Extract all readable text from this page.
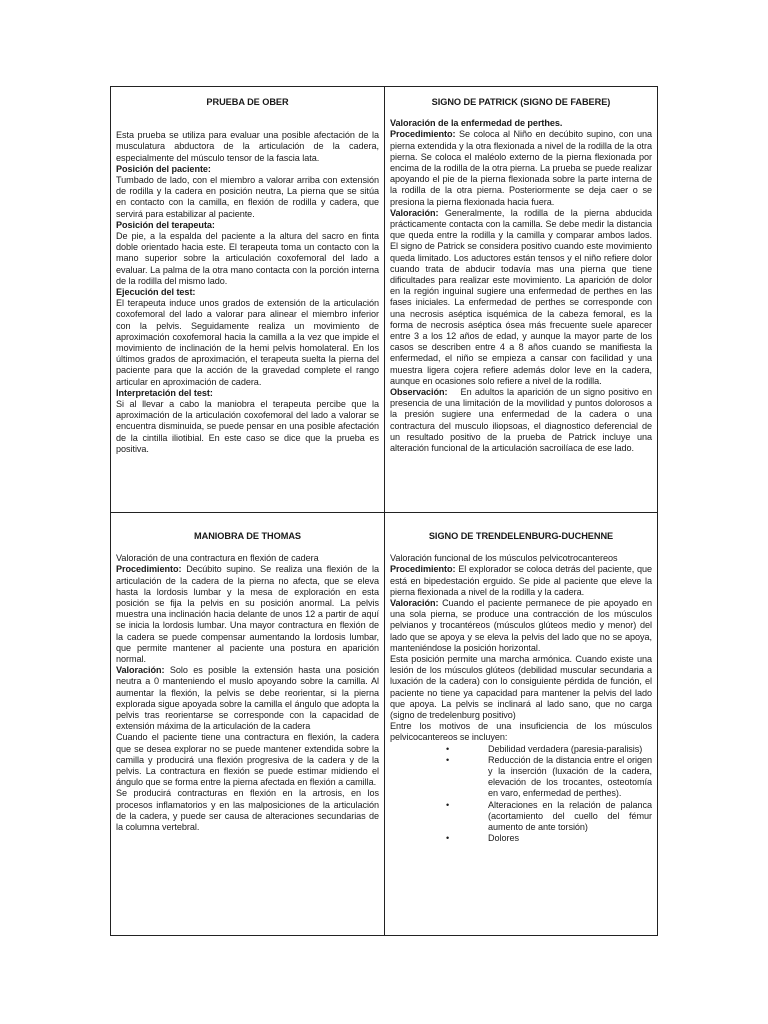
PRUEBA DE OBER

Esta prueba se utiliza para evaluar una posible afectación de la musculatura abductora de la articulación de la cadera, especialmente del músculo tensor de la fascia lata.

Posición del paciente:

Tumbado de lado, con el miembro a valorar arriba con extensión de rodilla y la cadera en posición neutra, La pierna que se sitúa en contacto con la camilla, en flexión de rodilla y cadera, que servirá para estabilizar al paciente.

Posición del terapeuta:

De pie, a la espalda del paciente a la altura del sacro en finta doble orientado hacia este. El terapeuta toma un contacto con la mano superior sobre la articulación coxofemoral del lado a evaluar. La palma de la otra mano contacta con la porción interna de la rodilla del mismo lado.

Ejecución del test:

El terapeuta induce unos grados de extensión de la articulación coxofemoral del lado a valorar para alinear el miembro inferior con la pelvis. Seguidamente realiza un movimiento de aproximación coxofemoral hacia la camilla a la vez que impide el movimiento de inclinación de la hemi pelvis homolateral. En los últimos grados de aproximación, el terapeuta suelta la pierna del paciente para que la acción de la gravedad complete el rango articular en aproximación de cadera.

Interpretación del test:

Si al llevar a cabo la maniobra el terapeuta percibe que la aproximación de la articulación coxofemoral del lado a valorar se encuentra disminuida, se puede pensar en una posible afectación de la cintilla iliotibial. En este caso se dice que la prueba es positiva.

SIGNO DE PATRICK (SIGNO DE FABERE)

Valoración de la enfermedad de perthes.

Procedimiento: Se coloca al Niño en decúbito supino, con una pierna extendida y la otra flexionada a nivel de la rodilla de la otra pierna. Se coloca el maléolo externo de la pierna flexionada por encima de la rodilla de la otra pierna. La prueba se puede realizar apoyando el pie de la pierna flexionada sobre la parte interna de la rodilla de la otra pierna. Posteriormente se deja caer o se presiona la pierna flexionada hacia fuera.

Valoración: Generalmente, la rodilla de la pierna abducida prácticamente contacta con la camilla. Se debe medir la distancia que queda entre la rodilla y la camilla y comparar ambos lados. El signo de Patrick se considera positivo cuando este movimiento queda limitado. Los aductores están tensos y el niño refiere dolor cuando trata de abducir todavía mas una pierna que tiene dificultades para realizar este movimiento. La aparición de dolor en la región inguinal sugiere una enfermedad de perthes en las fases iniciales. La enfermedad de perthes se corresponde con una necrosis aséptica isquémica de la cabeza femoral, es la forma de necrosis aséptica ósea más frecuente suele aparecer entre 3 a los 12 años de edad, y aunque la mayor parte de los casos se describen entre 4 a 8 años cuando se manifiesta la enfermedad, el niño se empieza a cansar con facilidad y una muestra ligera cojera refiere además dolor leve en la cadera, aunque en ocasiones solo refiere a nivel de la rodilla.

Observación:    En adultos la aparición de un signo positivo en presencia de una limitación de la movilidad y puntos dolorosos a la presión sugiere una enfermedad de la cadera o una contractura del musculo iliopsoas, el diagnostico deferencial de un resultado positivo de la prueba de Patrick incluye una alteración funcional de la articulación sacroilíaca de ese lado.

MANIOBRA DE THOMAS

Valoración de una contractura en flexión de cadera

Procedimiento: Decúbito supino. Se realiza una flexión de la articulación de la cadera de la pierna no afecta, que se eleva hasta la lordosis lumbar y la mesa de exploración en esta posición se fija la pelvis en su posición anormal. La pelvis muestra una inclinación hacia delante de unos 12 a partir de aquí se inicia la lordosis lumbar. Una mayor contractura en flexión de la cadera se puede compensar aumentando la lordosis lumbar, que permite mantener al paciente una postura en aparición normal.

Valoración: Solo es posible la extensión hasta una posición neutra a 0 manteniendo el muslo apoyando sobre la camilla. Al aumentar la flexión, la pelvis se debe reorientar, si la pierna explorada sigue apoyada sobre la camilla el ángulo que adopta la pelvis tras reorientarse se corresponde con la capacidad de extensión máxima de la articulación de la cadera

Cuando el paciente tiene una contractura en flexión, la cadera que se desea explorar no se puede mantener extendida sobre la camilla y producirá una flexión progresiva de la cadera y de la pelvis. La contractura en flexión se puede estimar midiendo el ángulo que se forma entre la pierna afectada en flexión a camilla.

Se producirá contracturas en flexión en la artrosis, en los procesos inflamatorios y en las malposiciones de la articulación de la cadera, y puede ser causa de alteraciones secundarias de la columna vertebral.

SIGNO DE TRENDELENBURG-DUCHENNE

Valoración funcional de los músculos pelvicotrocantereos

Procedimiento: El explorador se coloca detrás del paciente, que está en bipedestación erguido. Se pide al paciente que eleve la pierna flexionada a nivel de la rodilla y la cadera.

Valoración: Cuando el paciente permanece de pie apoyado en una sola pierna, se produce una contracción de los músculos pelvianos y trocantéreos (músculos glúteos medio y menor) del lado que se apoya y se eleva la pelvis del lado que no se apoya, manteniéndose la posición horizontal.

Esta posición permite una marcha armónica. Cuando existe una lesión de los músculos glúteos (debilidad muscular secundaria a luxación de la cadera) con lo consiguiente pérdida de función, el paciente no tiene ya capacidad para mantener la pelvis del lado que apoya. La pelvis se inclinará al lado sano, que no carga (signo de tredelenburg positivo)

Entre los motivos de una insuficiencia de los músculos pelvicocantereos se incluyen:

•	Debilidad verdadera (paresia-paralisis)
•	Reducción de la distancia entre el origen y la inserción (luxación de la cadera, elevación de los trocantes, osteotomía en varo, enfermedad de perthes).
•	Alteraciones en la relación de palanca (acortamiento del cuello del fémur aumento de ante torsión)
•	Dolores
